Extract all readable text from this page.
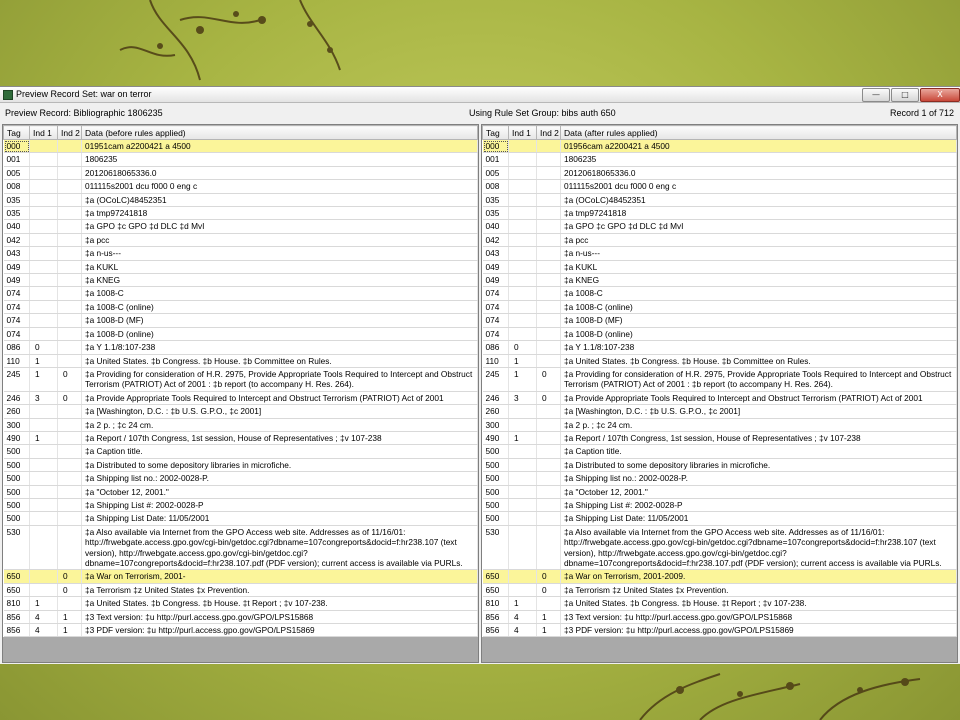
Preview Record Set: war on terror	—	□	X
Preview Record: Bibliographic 1806235	Using Rule Set Group: bibs auth 650	Record 1 of 712
Tag	Ind 1	Ind 2	Data (before rules applied)
000			01951cam a2200421 a 4500
001			1806235
005			20120618065336.0
008			011115s2001 dcu f000 0 eng c
035			‡a (OCoLC)48452351
035			‡a tmp97241818
040			‡a GPO ‡c GPO ‡d DLC ‡d MvI
042			‡a pcc
043			‡a n-us---
049			‡a KUKL
049			‡a KNEG
074			‡a 1008-C
074			‡a 1008-C (online)
074			‡a 1008-D (MF)
074			‡a 1008-D (online)
086	0		‡a Y 1.1/8:107-238
110	1		‡a United States. ‡b Congress. ‡b House. ‡b Committee on Rules.
245	1	0	‡a Providing for consideration of H.R. 2975, Provide Appropriate Tools Required to Intercept and Obstruct Terrorism (PATRIOT) Act of 2001 : ‡b report (to accompany H. Res. 264).
246	3	0	‡a Provide Appropriate Tools Required to Intercept and Obstruct Terrorism (PATRIOT) Act of 2001
260			‡a [Washington, D.C. : ‡b U.S. G.P.O., ‡c 2001]
300			‡a 2 p. ; ‡c 24 cm.
490	1		‡a Report / 107th Congress, 1st session, House of Representatives ; ‡v 107-238
500			‡a Caption title.
500			‡a Distributed to some depository libraries in microfiche.
500			‡a Shipping list no.: 2002-0028-P.
500			‡a "October 12, 2001."
500			‡a Shipping List #: 2002-0028-P
500			‡a Shipping List Date: 11/05/2001
530			‡a Also available via Internet from the GPO Access web site. Addresses as of 11/16/01: http://frwebgate.access.gpo.gov/cgi-bin/getdoc.cgi?dbname=107congreports&docid=f:hr238.107 (text version), http://frwebgate.access.gpo.gov/cgi-bin/getdoc.cgi?dbname=107congreports&docid=f:hr238.107.pdf (PDF version); current access is available via PURLs.
650		0	‡a War on Terrorism, 2001-
650		0	‡a Terrorism ‡z United States ‡x Prevention.
810	1		‡a United States. ‡b Congress. ‡b House. ‡t Report ; ‡v 107-238.
856	4	1	‡3 Text version: ‡u http://purl.access.gpo.gov/GPO/LPS15868
856	4	1	‡3 PDF version: ‡u http://purl.access.gpo.gov/GPO/LPS15869
Tag	Ind 1	Ind 2	Data (after rules applied)
000			01956cam a2200421 a 4500
001			1806235
005			20120618065336.0
008			011115s2001 dcu f000 0 eng c
035			‡a (OCoLC)48452351
035			‡a tmp97241818
040			‡a GPO ‡c GPO ‡d DLC ‡d MvI
042			‡a pcc
043			‡a n-us---
049			‡a KUKL
049			‡a KNEG
074			‡a 1008-C
074			‡a 1008-C (online)
074			‡a 1008-D (MF)
074			‡a 1008-D (online)
086	0		‡a Y 1.1/8:107-238
110	1		‡a United States. ‡b Congress. ‡b House. ‡b Committee on Rules.
245	1	0	‡a Providing for consideration of H.R. 2975, Provide Appropriate Tools Required to Intercept and Obstruct Terrorism (PATRIOT) Act of 2001 : ‡b report (to accompany H. Res. 264).
246	3	0	‡a Provide Appropriate Tools Required to Intercept and Obstruct Terrorism (PATRIOT) Act of 2001
260			‡a [Washington, D.C. : ‡b U.S. G.P.O., ‡c 2001]
300			‡a 2 p. ; ‡c 24 cm.
490	1		‡a Report / 107th Congress, 1st session, House of Representatives ; ‡v 107-238
500			‡a Caption title.
500			‡a Distributed to some depository libraries in microfiche.
500			‡a Shipping list no.: 2002-0028-P.
500			‡a "October 12, 2001."
500			‡a Shipping List #: 2002-0028-P
500			‡a Shipping List Date: 11/05/2001
530			‡a Also available via Internet from the GPO Access web site. Addresses as of 11/16/01: http://frwebgate.access.gpo.gov/cgi-bin/getdoc.cgi?dbname=107congreports&docid=f:hr238.107 (text version), http://frwebgate.access.gpo.gov/cgi-bin/getdoc.cgi?dbname=107congreports&docid=f:hr238.107.pdf (PDF version); current access is available via PURLs.
650		0	‡a War on Terrorism, 2001-2009.
650		0	‡a Terrorism ‡z United States ‡x Prevention.
810	1		‡a United States. ‡b Congress. ‡b House. ‡t Report ; ‡v 107-238.
856	4	1	‡3 Text version: ‡u http://purl.access.gpo.gov/GPO/LPS15868
856	4	1	‡3 PDF version: ‡u http://purl.access.gpo.gov/GPO/LPS15869
